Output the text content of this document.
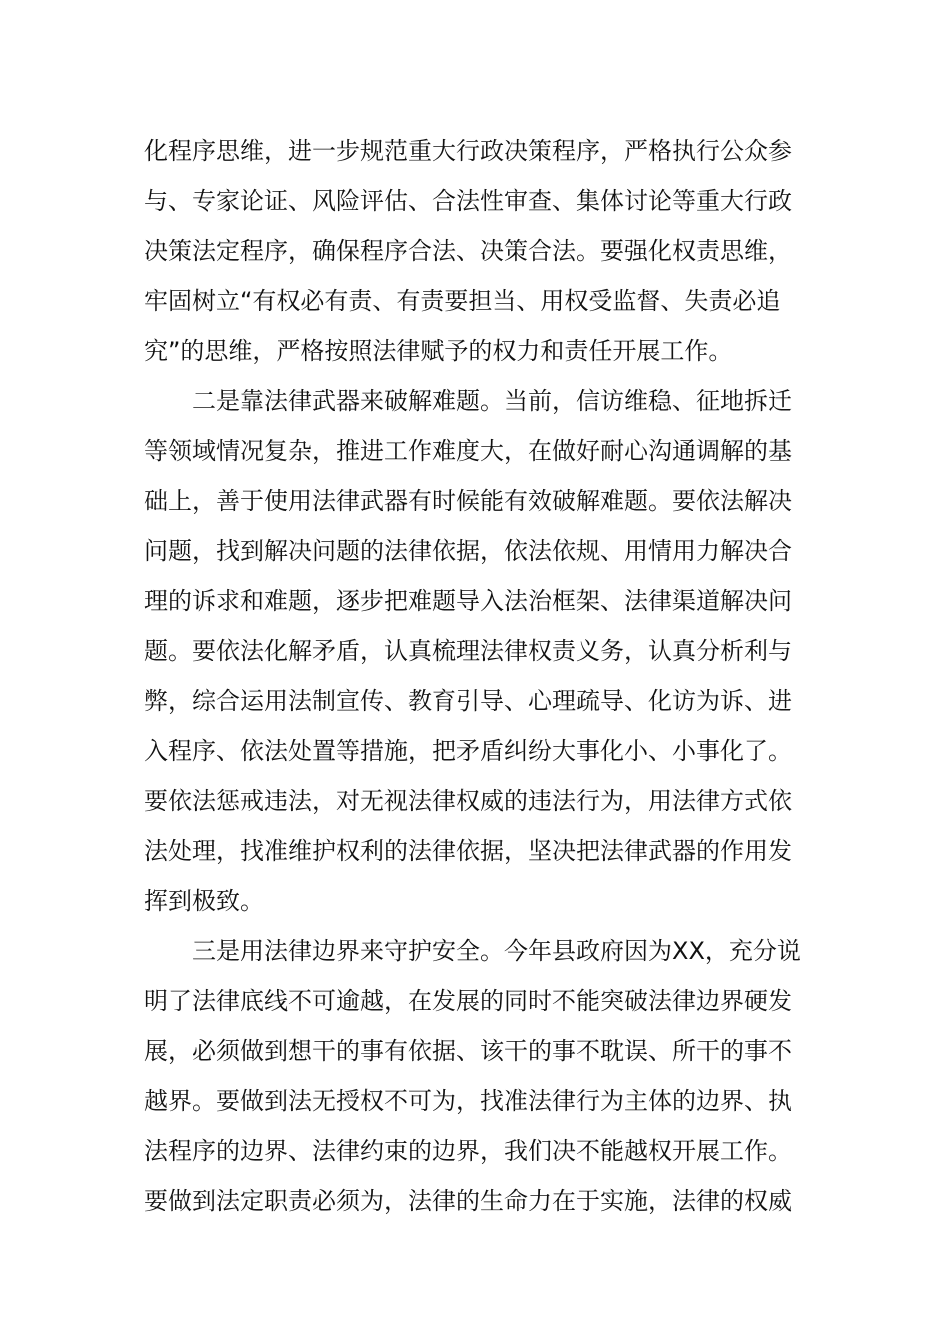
化程序思维，进一步规范重大行政决策程序，严格执行公众参
与、专家论证、风险评估、合法性审查、集体讨论等重大行政
决策法定程序，确保程序合法、决策合法。要强化权责思维，
牢固树立“有权必有责、有责要担当、用权受监督、失责必追
究”的思维，严格按照法律赋予的权力和责任开展工作。
二是靠法律武器来破解难题。当前，信访维稳、征地拆迁
等领域情况复杂，推进工作难度大，在做好耐心沟通调解的基
础上，善于使用法律武器有时候能有效破解难题。要依法解决
问题，找到解决问题的法律依据，依法依规、用情用力解决合
理的诉求和难题，逐步把难题导入法治框架、法律渠道解决问
题。要依法化解矛盾，认真梳理法律权责义务，认真分析利与
弊，综合运用法制宣传、教育引导、心理疏导、化访为诉、进
入程序、依法处置等措施，把矛盾纠纷大事化小、小事化了。
要依法惩戒违法，对无视法律权威的违法行为，用法律方式依
法处理，找准维护权利的法律依据，坚决把法律武器的作用发
挥到极致。
三是用法律边界来守护安全。今年县政府因为XX，充分说
明了法律底线不可逾越，在发展的同时不能突破法律边界硬发
展，必须做到想干的事有依据、该干的事不耽误、所干的事不
越界。要做到法无授权不可为，找准法律行为主体的边界、执
法程序的边界、法律约束的边界，我们决不能越权开展工作。
要做到法定职责必须为，法律的生命力在于实施，法律的权威
